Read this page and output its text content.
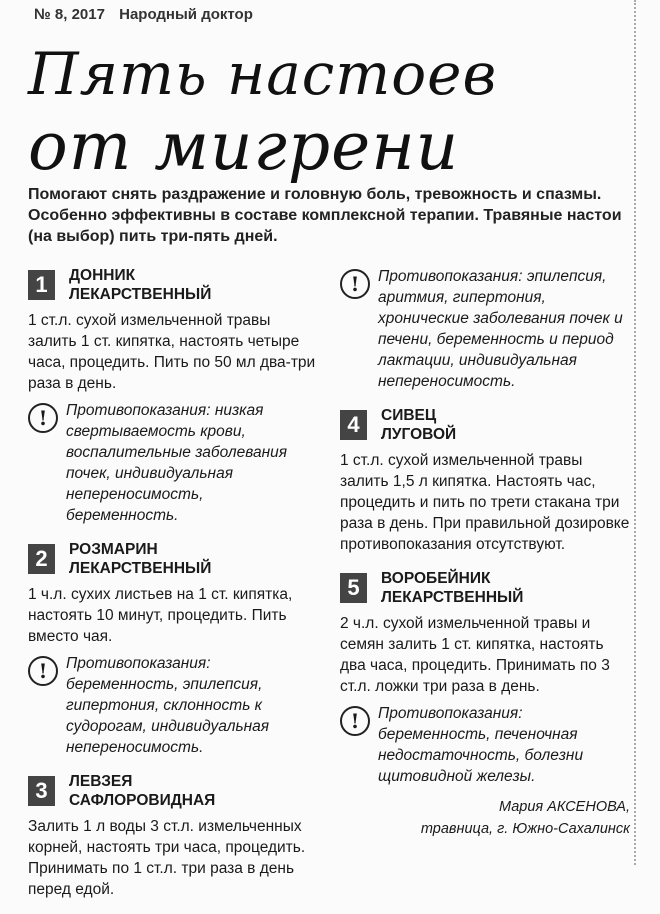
№ 8, 2017 Народный доктор
Пять настоев
от мигрени

Помогают снять раздражение и головную боль, тревожность и спазмы. Особенно эффективны в составе комплексной терапии. Травяные настои (на выбор) пить три-пять дней.

1	ДОННИК
ЛЕКАРСТВЕННЫЙ

1 ст.л. сухой измельченной травы залить 1 ст. кипятка, настоять четыре часа, процедить. Пить по 50 мл два-три раза в день.

!	Противопоказания: низкая свертываемость крови, воспалительные заболевания почек, индивидуальная непереносимость, беременность.

2	РОЗМАРИН
ЛЕКАРСТВЕННЫЙ

1 ч.л. сухих листьев на 1 ст. кипятка, настоять 10 минут, процедить. Пить вместо чая.

!	Противопоказания: беременность, эпилепсия, гипертония, склонность к судорогам, индивидуальная непереносимость.

3	ЛЕВЗЕЯ
САФЛОРОВИДНАЯ

Залить 1 л воды 3 ст.л. измельченных корней, настоять три часа, процедить. Принимать по 1 ст.л. три раза в день перед едой.

!	Противопоказания: эпилепсия, аритмия, гипертония, хронические заболевания почек и печени, беременность и период лактации, индивидуальная непереносимость.

4	СИВЕЦ
ЛУГОВОЙ

1 ст.л. сухой измельченной травы залить 1,5 л кипятка. Настоять час, процедить и пить по трети стакана три раза в день. При правильной дозировке противопоказания отсутствуют.

5	ВОРОБЕЙНИК
ЛЕКАРСТВЕННЫЙ

2 ч.л. сухой измельченной травы и семян залить 1 ст. кипятка, настоять два часа, процедить. Принимать по 3 ст.л. ложки три раза в день.

!	Противопоказания: беременность, печеночная недостаточность, болезни щитовидной железы.

Мария АКСЕНОВА,
травница, г. Южно-Сахалинск
